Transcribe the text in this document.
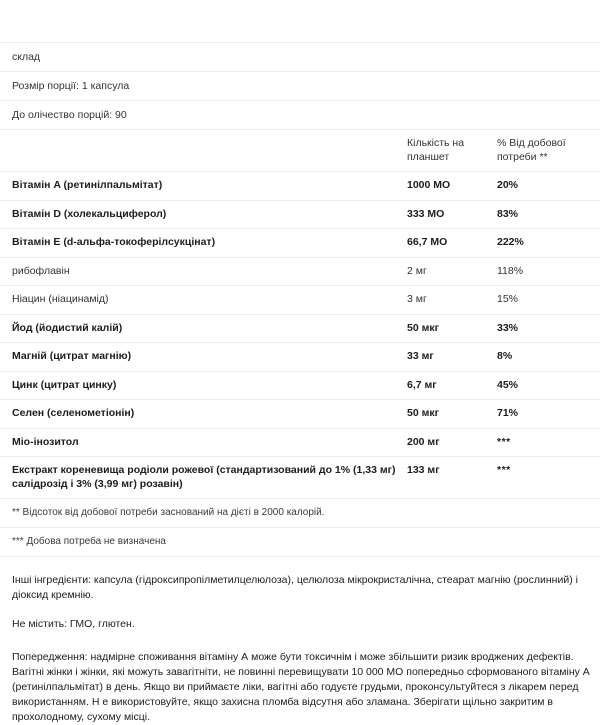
склад
Розмір порції: 1 капсула
До олічество порцій: 90
	Кількість на планшет	% Від добової потреби **
Вітамін A (ретинілпальмітат)	1000 МО	20%
Вітамін D (холекальциферол)	333 МО	83%
Вітамін E (d-альфа-токоферілсукцінат)	66,7 МО	222%
рибофлавін	2 мг	118%
Ніацин (ніацинамід)	3 мг	15%
Йод (йодистий калій)	50 мкг	33%
Магній (цитрат магнію)	33 мг	8%
Цинк (цитрат цинку)	6,7 мг	45%
Селен (селенометіонін)	50 мкг	71%
Міо-інозитол	200 мг	***
Екстракт кореневища родіоли рожевої (стандартизований до 1% (1,33 мг) салідрозід і 3% (3,99 мг) розавін)	133 мг	***
** Відсоток від добової потреби заснований на дієті в 2000 калорій.
*** Добова потреба не визначена

Інші інгредієнти: капсула (гідроксипропілметилцелюлоза), целюлоза мікрокристалічна, стеарат магнію (рослинний) і діоксид кремнію.

Не містить: ГМО, глютен.

Попередження: надмірне споживання вітаміну А може бути токсичнім і може збільшити ризик вроджених дефектів. Вагітні жінки і жінки, які можуть завагітніти, не повинні перевищувати 10 000 МО попередньо сформованого вітаміну А (ретинілпальмітат) в день. Якщо ви приймаєте ліки, вагітні або годуєте грудьми, проконсультуйтеся з лікарем перед використанням. Н е використовуйте, якщо захисна пломба відсутня або зламана. Зберігати щільно закритим в прохолодному, сухому місці.
